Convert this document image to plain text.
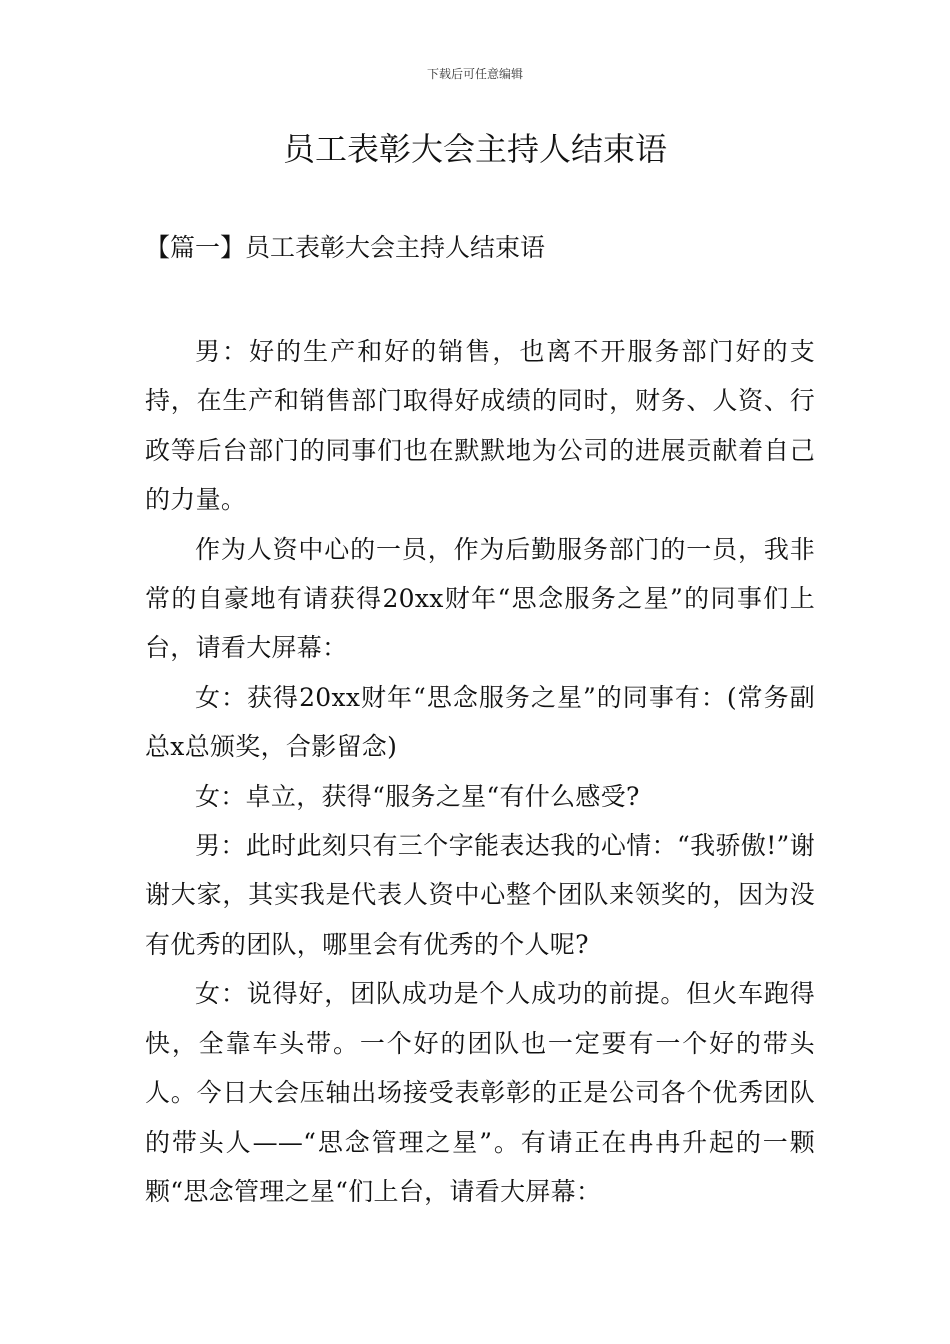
下载后可任意编辑
员工表彰大会主持人结束语
【篇一】员工表彰大会主持人结束语

男：好的生产和好的销售，也离不开服务部门好的支持，在生产和销售部门取得好成绩的同时，财务、人资、行政等后台部门的同事们也在默默地为公司的进展贡献着自己的力量。

作为人资中心的一员，作为后勤服务部门的一员，我非常的自豪地有请获得20xx财年“思念服务之星”的同事们上台，请看大屏幕：

女：获得20xx财年“思念服务之星”的同事有：(常务副总x总颁奖，合影留念)

女：卓立，获得“服务之星“有什么感受?

男：此时此刻只有三个字能表达我的心情：“我骄傲!”谢谢大家，其实我是代表人资中心整个团队来领奖的，因为没有优秀的团队，哪里会有优秀的个人呢?

女：说得好，团队成功是个人成功的前提。但火车跑得快，全靠车头带。一个好的团队也一定要有一个好的带头人。今日大会压轴出场接受表彰彰的正是公司各个优秀团队的带头人——“思念管理之星”。有请正在冉冉升起的一颗颗“思念管理之星“们上台，请看大屏幕：
